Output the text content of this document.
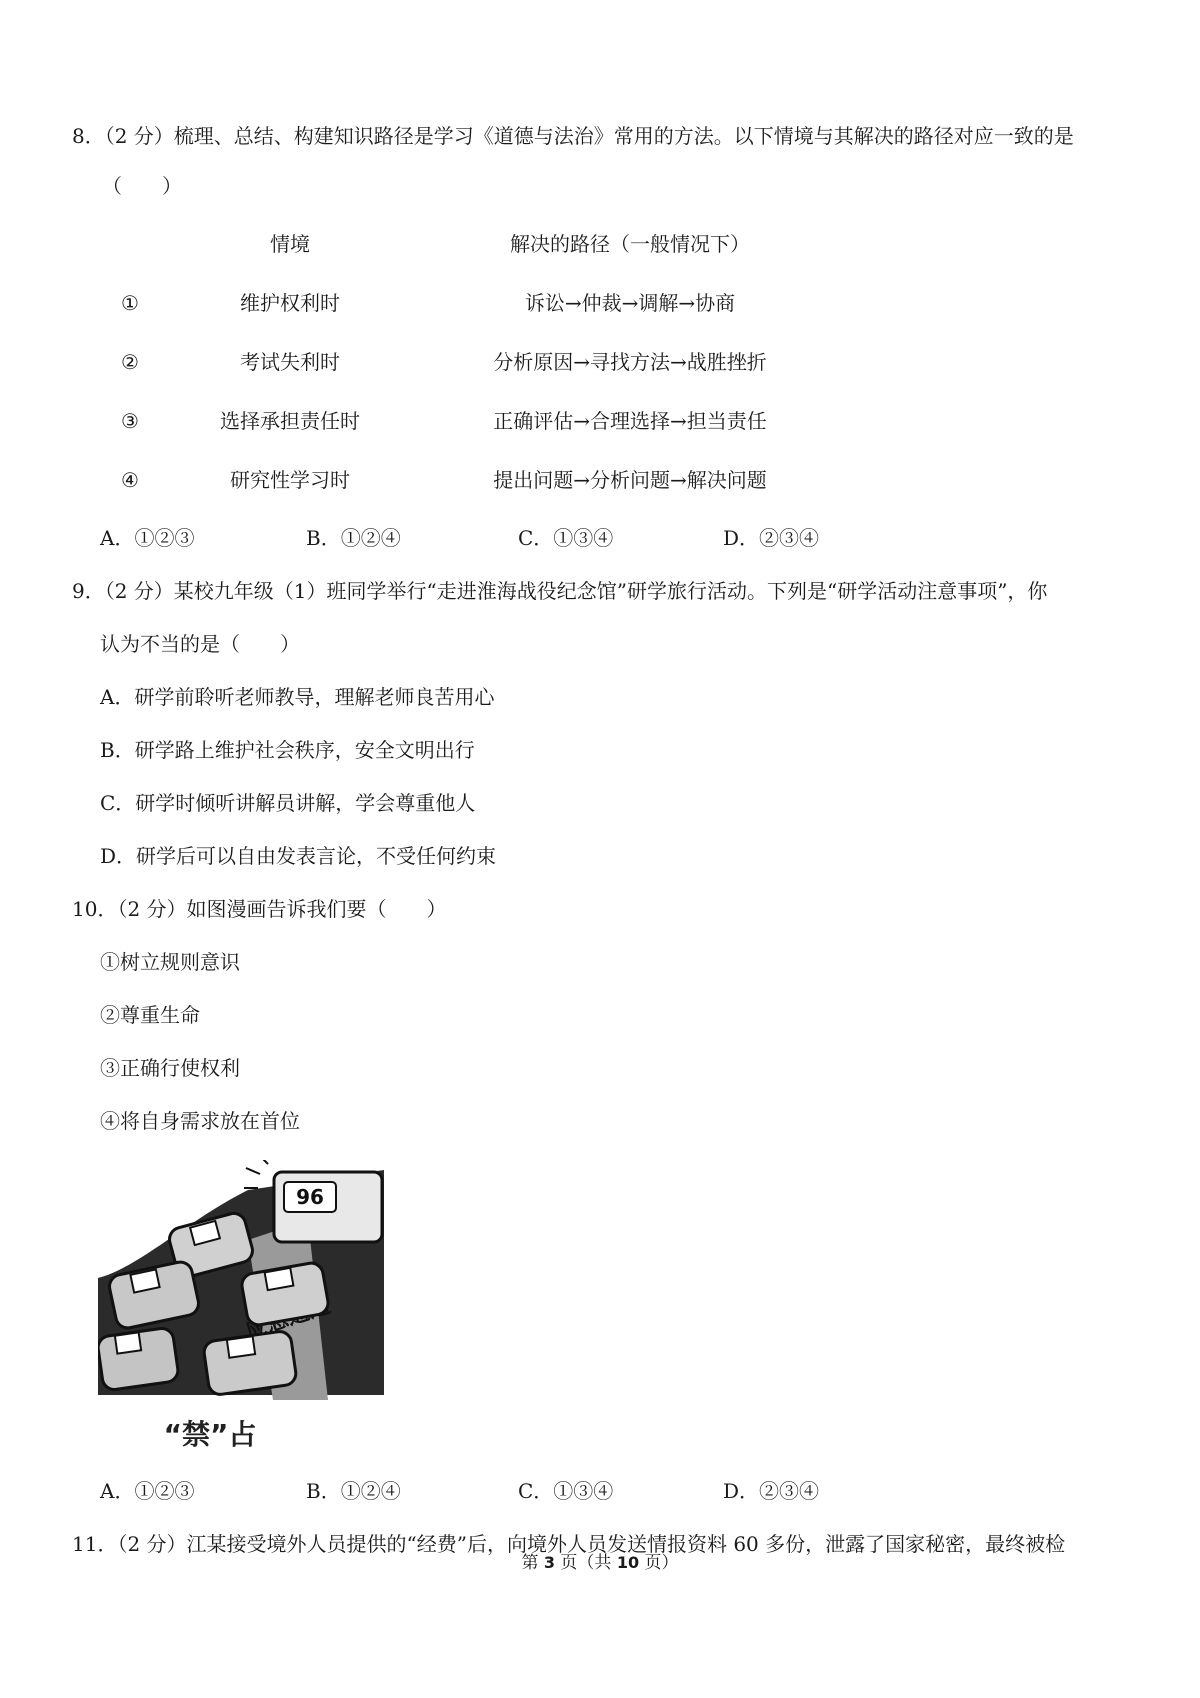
8．（2 分）梳理、总结、构建知识路径是学习《道德与法治》常用的方法。以下情境与其解决的路径对应一致的是
（　　）
情境	解决的路径（一般情况下）
①	维护权利时	诉讼→仲裁→调解→协商
②	考试失利时	分析原因→寻找方法→战胜挫折
③	选择承担责任时	正确评估→合理选择→担当责任
④	研究性学习时	提出问题→分析问题→解决问题
A．①②③	B．①②④	C．①③④	D．②③④
9．（2 分）某校九年级（1）班同学举行“走进淮海战役纪念馆”研学旅行活动。下列是“研学活动注意事项”，你
认为不当的是（　　）
A．研学前聆听老师教导，理解老师良苦用心
B．研学路上维护社会秩序，安全文明出行
C．研学时倾听讲解员讲解，学会尊重他人
D．研学后可以自由发表言论，不受任何约束
10．（2 分）如图漫画告诉我们要（　　）
①树立规则意识
②尊重生命
③正确行使权利
④将自身需求放在首位
96
“禁”占
A．①②③	B．①②④	C．①③④	D．②③④
11．（2 分）江某接受境外人员提供的“经费”后，向境外人员发送情报资料 60 多份，泄露了国家秘密，最终被检
第 3 页（共 10 页）
